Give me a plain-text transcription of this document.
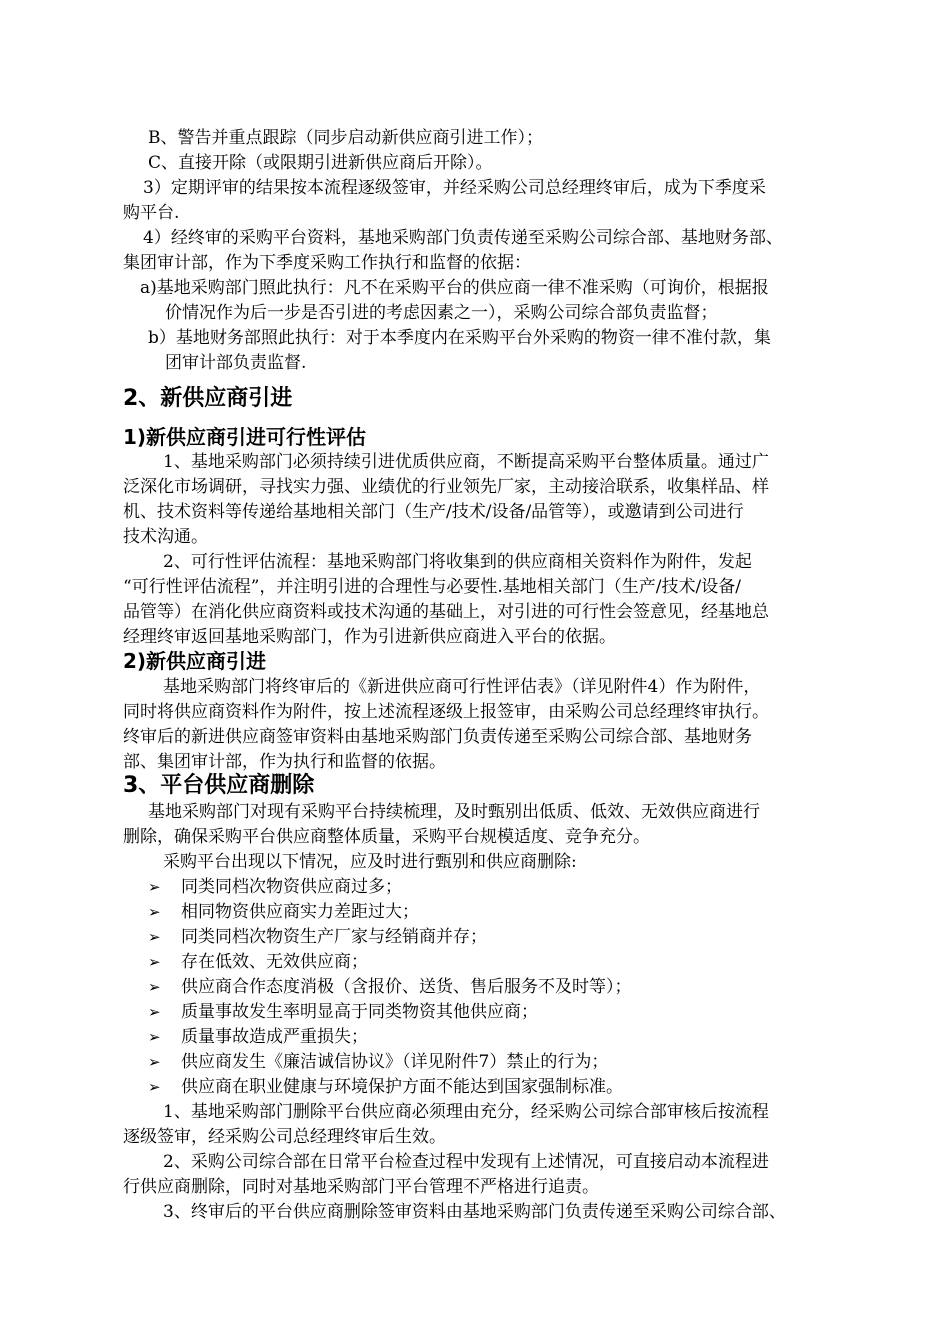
B、警告并重点跟踪（同步启动新供应商引进工作）；
C、直接开除（或限期引进新供应商后开除）。
3）定期评审的结果按本流程逐级签审，并经采购公司总经理终审后，成为下季度采
购平台.
4）经终审的采购平台资料，基地采购部门负责传递至采购公司综合部、基地财务部、
集团审计部，作为下季度采购工作执行和监督的依据：
a)基地采购部门照此执行：凡不在采购平台的供应商一律不准采购（可询价，根据报
价情况作为后一步是否引进的考虑因素之一），采购公司综合部负责监督；
b）基地财务部照此执行：对于本季度内在采购平台外采购的物资一律不准付款，集
团审计部负责监督.
2、新供应商引进
1)新供应商引进可行性评估
1、基地采购部门必须持续引进优质供应商，不断提高采购平台整体质量。通过广
泛深化市场调研，寻找实力强、业绩优的行业领先厂家，主动接洽联系，收集样品、样
机、技术资料等传递给基地相关部门（生产/技术/设备/品管等），或邀请到公司进行
技术沟通。
2、可行性评估流程：基地采购部门将收集到的供应商相关资料作为附件，发起
“可行性评估流程”，并注明引进的合理性与必要性.基地相关部门（生产/技术/设备/
品管等）在消化供应商资料或技术沟通的基础上，对引进的可行性会签意见，经基地总
经理终审返回基地采购部门，作为引进新供应商进入平台的依据。
2)新供应商引进
基地采购部门将终审后的《新进供应商可行性评估表》（详见附件4）作为附件，
同时将供应商资料作为附件，按上述流程逐级上报签审，由采购公司总经理终审执行。
终审后的新进供应商签审资料由基地采购部门负责传递至采购公司综合部、基地财务
部、集团审计部，作为执行和监督的依据。
3、平台供应商删除
基地采购部门对现有采购平台持续梳理，及时甄别出低质、低效、无效供应商进行
删除，确保采购平台供应商整体质量，采购平台规模适度、竞争充分。
采购平台出现以下情况，应及时进行甄别和供应商删除:
➢ 同类同档次物资供应商过多；
➢ 相同物资供应商实力差距过大；
➢ 同类同档次物资生产厂家与经销商并存；
➢ 存在低效、无效供应商；
➢ 供应商合作态度消极（含报价、送货、售后服务不及时等）；
➢ 质量事故发生率明显高于同类物资其他供应商；
➢ 质量事故造成严重损失；
➢ 供应商发生《廉洁诚信协议》（详见附件7）禁止的行为；
➢ 供应商在职业健康与环境保护方面不能达到国家强制标准。
1、基地采购部门删除平台供应商必须理由充分，经采购公司综合部审核后按流程
逐级签审，经采购公司总经理终审后生效。
2、采购公司综合部在日常平台检查过程中发现有上述情况，可直接启动本流程进
行供应商删除，同时对基地采购部门平台管理不严格进行追责。
3、终审后的平台供应商删除签审资料由基地采购部门负责传递至采购公司综合部、
